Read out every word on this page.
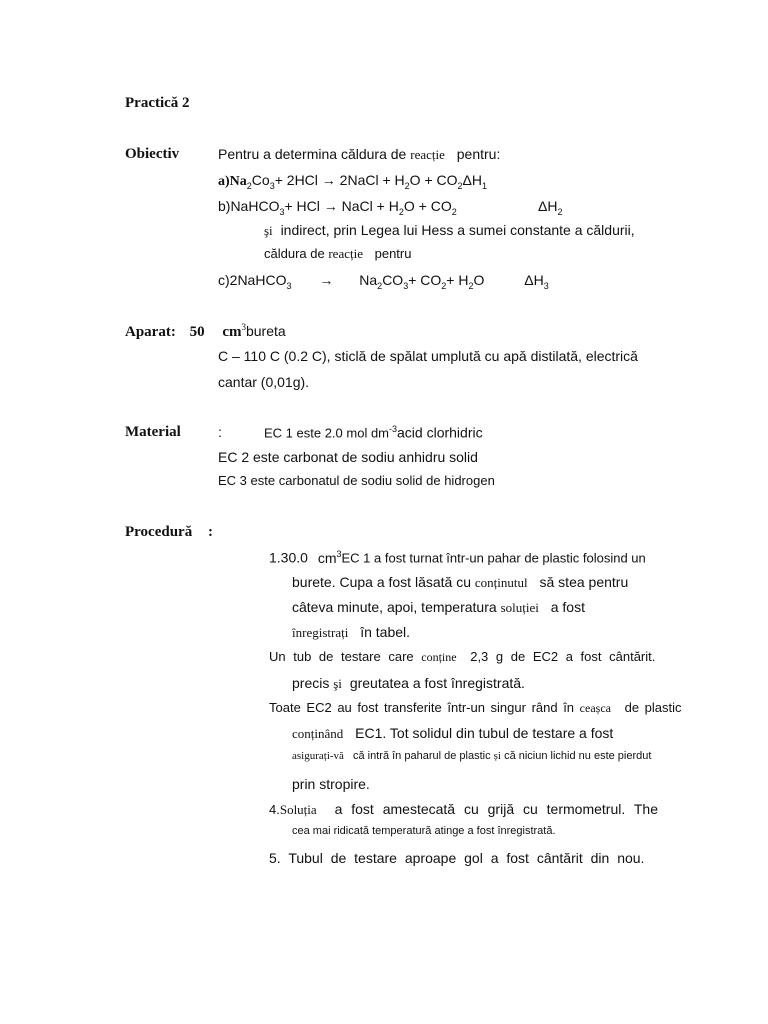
Practică 2
Obiectiv	Pentru a determina căldura de reacție pentru:
$a)Na_2Co_3+ 2HCl$ → 2NaCl + $H_2O + CO_2\Delta H_1$
b)NaHCO$_3$+ HCl → NaCl + $H_2O + CO_2$	$\Delta H_2$
şi indirect, prin Legea lui Hess a sumei constante a căldurii,
căldura de reacție pentru
c)2NaHCO$_3$ → $Na_2CO_3+ CO_2+ H_2O$	$\Delta H_3$
Aparat: 50 $cm^3bureta$
C – 110 C (0.2 C), sticlă de spălat umplută cu apă distilată, electrică
cantar (0,01g).
Material	:	EC 1 este 2.0 mol $dm^{-3}acid$ clorhidric
EC 2 este carbonat de sodiu anhidru solid
EC 3 este carbonatul de sodiu solid de hidrogen
Procedură :
1.30.0 $cm^3EC$ 1 a fost turnat într-un pahar de plastic folosind un
burete. Cupa a fost lăsată cu conținutul să stea pentru
câteva minute, apoi, temperatura soluției a fost
înregistrați în tabel.
Un tub de testare care conține 2,3 g de EC2 a fost cântărit.
precis şi greutatea a fost înregistrată.
Toate EC2 au fost transferite într-un singur rând în ceașca de plastic
conținând EC1. Tot solidul din tubul de testare a fost
asigurați-vă că intră în paharul de plastic și că niciun lichid nu este pierdut
prin stropire.
4.Soluția a fost amestecată cu grijă cu termometrul. The
cea mai ridicată temperatură atinge a fost înregistrată.
5. Tubul de testare aproape gol a fost cântărit din nou.
